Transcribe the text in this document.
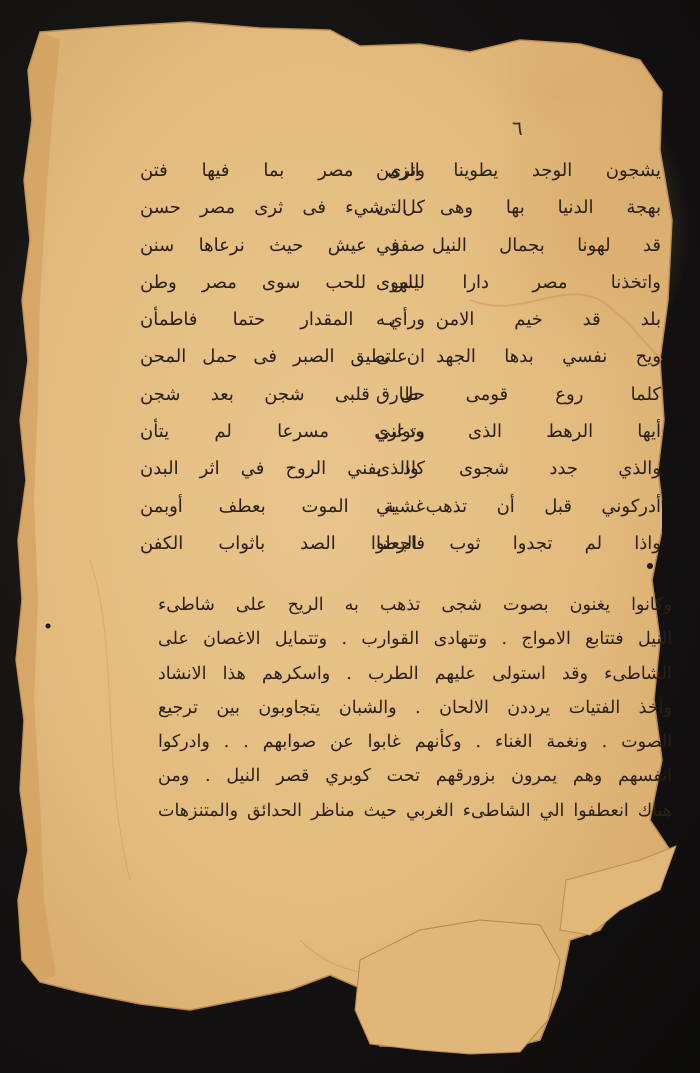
٦
يشجون الوجد يطوينا الزمن
بهجة الدنيا بها وهى التى
قد لهونا بجمال النيل في
واتخذنا مصر دارا للهوى
بلد قد خيم الامن بـه
ويح نفسي بدها الجهد على
كلما روع قومى طارق
أيها الرهط الذى ودعني
والذي جدد شجوى والذى
أدركوني قبل أن تذهب بي
واذا لم تجدوا ثوب الرضا
ونرى مصر بما فيها فتن
كل شيء فى ثرى مصر حسن
صفو عيش حيث نرعاها سنن
ليس للحب سوى مصر وطن
ورأي المقدار حتما فاطمأن
ان تطيق الصبر فى حمل المحن
حل قلبى شجن بعد شجن
وتواري مسرعا لم يتأن
كاد يفني الروح في اثر البدن
غشية الموت بعطف أوبمن
فاجعلوا الصد باثواب الكفن
وكانوا يغنون بصوت شجى تذهب به الريح على شاطىء
النيل فتتابع الامواج . وتتهادى القوارب . وتتمايل الاغصان على
الشاطىء وقد استولى عليهم الطرب . واسكرهم هذا الانشاد
وأخذ الفتيات يرددن الالحان . والشبان يتجاوبون بين ترجيع
الصوت . ونغمة الغناء . وكأنهم غابوا عن صوابهم . . وادركوا
انفسهم وهم يمرون بزورقهم تحت كوبري قصر النيل . ومن
هناك انعطفوا الي الشاطىء الغربي حيث مناظر الحدائق والمتنزهات
